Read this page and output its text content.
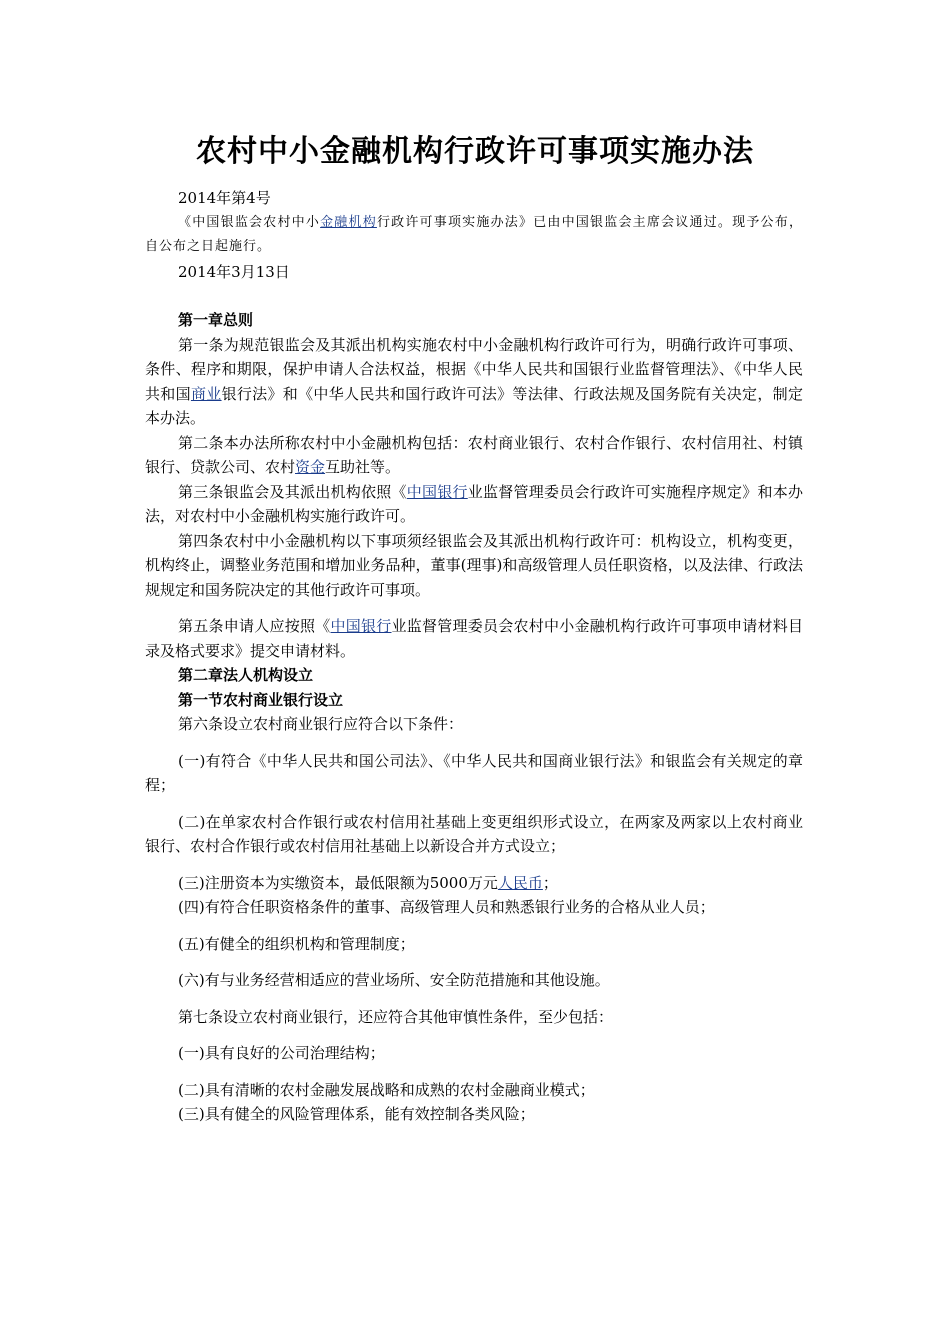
农村中小金融机构行政许可事项实施办法

2014年第4号

《中国银监会农村中小金融机构行政许可事项实施办法》已由中国银监会主席会议通过。现予公布，自公布之日起施行。

2014年3月13日

第一章总则

第一条为规范银监会及其派出机构实施农村中小金融机构行政许可行为，明确行政许可事项、条件、程序和期限，保护申请人合法权益，根据《中华人民共和国银行业监督管理法》、《中华人民共和国商业银行法》和《中华人民共和国行政许可法》等法律、行政法规及国务院有关决定，制定本办法。

第二条本办法所称农村中小金融机构包括：农村商业银行、农村合作银行、农村信用社、村镇银行、贷款公司、农村资金互助社等。

第三条银监会及其派出机构依照《中国银行业监督管理委员会行政许可实施程序规定》和本办法，对农村中小金融机构实施行政许可。

第四条农村中小金融机构以下事项须经银监会及其派出机构行政许可：机构设立，机构变更，机构终止，调整业务范围和增加业务品种，董事(理事)和高级管理人员任职资格，以及法律、行政法规规定和国务院决定的其他行政许可事项。

第五条申请人应按照《中国银行业监督管理委员会农村中小金融机构行政许可事项申请材料目录及格式要求》提交申请材料。

第二章法人机构设立

第一节农村商业银行设立

第六条设立农村商业银行应符合以下条件：

(一)有符合《中华人民共和国公司法》、《中华人民共和国商业银行法》和银监会有关规定的章程；

(二)在单家农村合作银行或农村信用社基础上变更组织形式设立，在两家及两家以上农村商业银行、农村合作银行或农村信用社基础上以新设合并方式设立；

(三)注册资本为实缴资本，最低限额为5000万元人民币；

(四)有符合任职资格条件的董事、高级管理人员和熟悉银行业务的合格从业人员；

(五)有健全的组织机构和管理制度；

(六)有与业务经营相适应的营业场所、安全防范措施和其他设施。

第七条设立农村商业银行，还应符合其他审慎性条件，至少包括：

(一)具有良好的公司治理结构；

(二)具有清晰的农村金融发展战略和成熟的农村金融商业模式；

(三)具有健全的风险管理体系，能有效控制各类风险；
